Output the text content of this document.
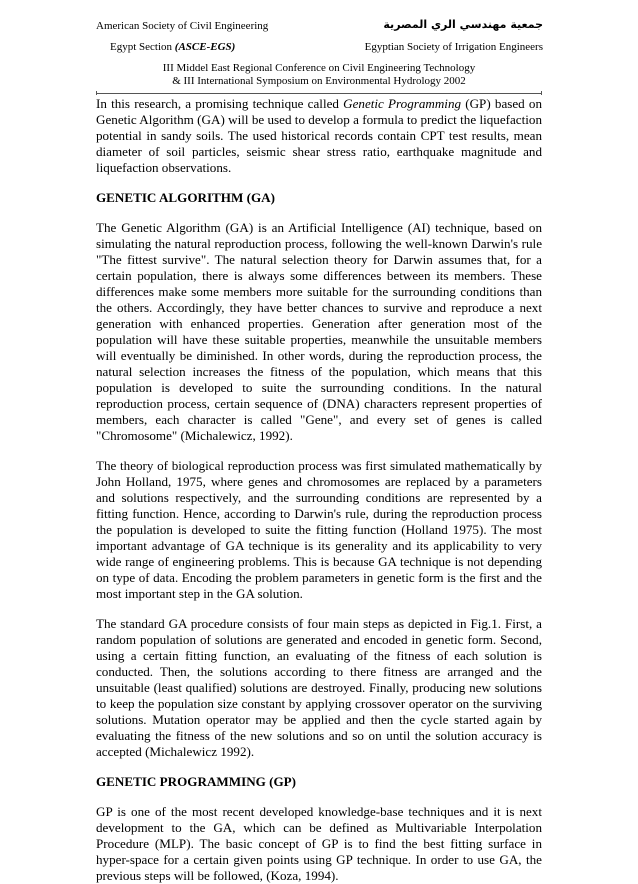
American Society of Civil Engineering	جمعية مهندسي الري المصرية
Egypt Section (ASCE-EGS)	Egyptian Society of Irrigation Engineers
III Middel East Regional Conference on Civil Engineering Technology
& III International Symposium on Environmental Hydrology 2002

In this research, a promising technique called Genetic Programming (GP) based on Genetic Algorithm (GA) will be used to develop a formula to predict the liquefaction potential in sandy soils. The used historical records contain CPT test results, mean diameter of soil particles, seismic shear stress ratio, earthquake magnitude and liquefaction observations.

GENETIC ALGORITHM (GA)

The Genetic Algorithm (GA) is an Artificial Intelligence (AI) technique, based on simulating the natural reproduction process, following the well-known Darwin's rule "The fittest survive". The natural selection theory for Darwin assumes that, for a certain population, there is always some differences between its members. These differences make some members more suitable for the surrounding conditions than the others. Accordingly, they have better chances to survive and reproduce a next generation with enhanced properties. Generation after generation most of the population will have these suitable properties, meanwhile the unsuitable members will eventually be diminished. In other words, during the reproduction process, the natural selection increases the fitness of the population, which means that this population is developed to suite the surrounding conditions. In the natural reproduction process, certain sequence of (DNA) characters represent properties of members, each character is called "Gene", and every set of genes is called "Chromosome" (Michalewicz, 1992).

The theory of biological reproduction process was first simulated mathematically by John Holland, 1975, where genes and chromosomes are replaced by a parameters and solutions respectively, and the surrounding conditions are represented by a fitting function. Hence, according to Darwin's rule, during the reproduction process the population is developed to suite the fitting function (Holland 1975). The most important advantage of GA technique is its generality and its applicability to very wide range of engineering problems. This is because GA technique is not depending on type of data. Encoding the problem parameters in genetic form is the first and the most important step in the GA solution.

The standard GA procedure consists of four main steps as depicted in Fig.1. First, a random population of solutions are generated and encoded in genetic form. Second, using a certain fitting function, an evaluating of the fitness of each solution is conducted. Then, the solutions according to there fitness are arranged and the unsuitable (least qualified) solutions are destroyed. Finally, producing new solutions to keep the population size constant by applying crossover operator on the surviving solutions. Mutation operator may be applied and then the cycle started again by evaluating the fitness of the new solutions and so on until the solution accuracy is accepted (Michalewicz 1992).

GENETIC PROGRAMMING (GP)

GP is one of the most recent developed knowledge-base techniques and it is next development to the GA, which can be defined as Multivariable Interpolation Procedure (MLP). The basic concept of GP is to find the best fitting surface in hyper-space for a certain given points using GP technique. In order to use GA, the previous steps will be followed, (Koza, 1994).
